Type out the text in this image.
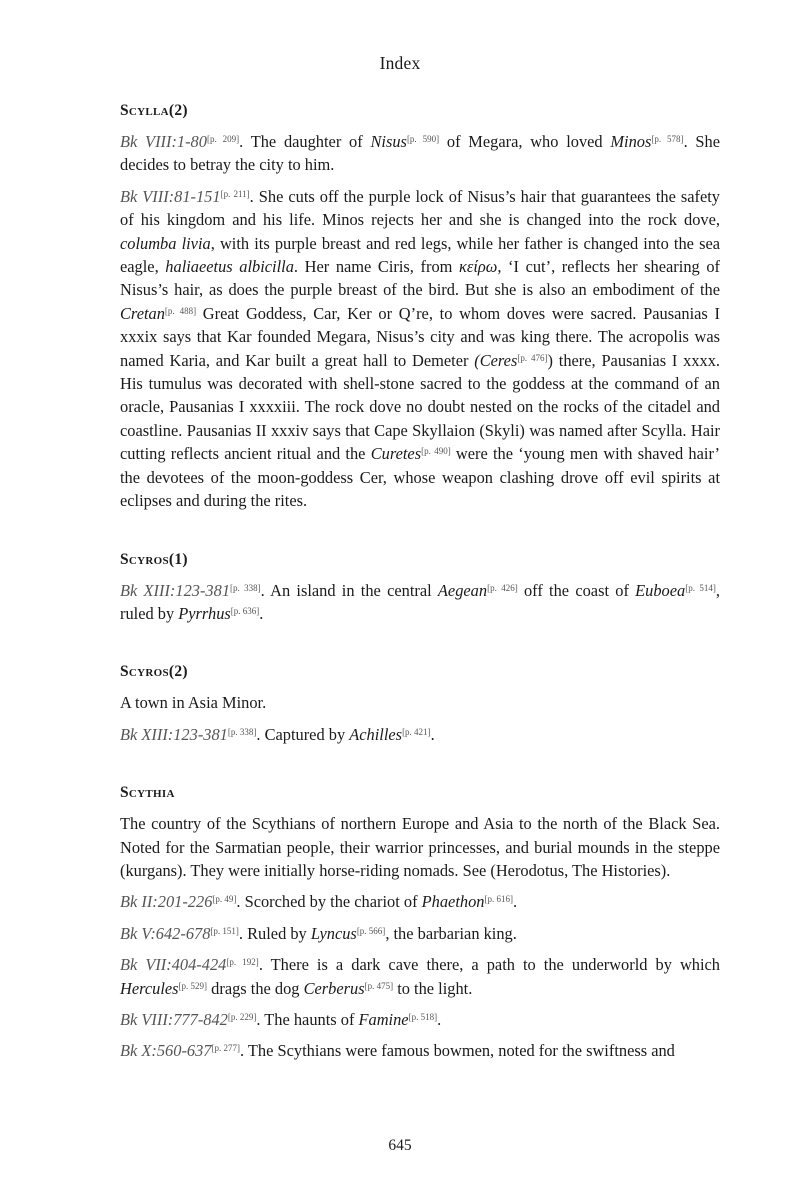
Index
Scylla(2)

Bk VIII:1-80[p. 209]. The daughter of Nisus[p. 590] of Megara, who loved Minos[p. 578]. She decides to betray the city to him.

Bk VIII:81-151[p. 211]. She cuts off the purple lock of Nisus’s hair that guarantees the safety of his kingdom and his life. Minos rejects her and she is changed into the rock dove, columba livia, with its purple breast and red legs, while her father is changed into the sea eagle, haliaeetus albicilla. Her name Ciris, from κείρω, ‘I cut’, reflects her shearing of Nisus’s hair, as does the purple breast of the bird. But she is also an embodiment of the Cretan[p. 488] Great Goddess, Car, Ker or Q’re, to whom doves were sacred. Pausanias I xxxix says that Kar founded Megara, Nisus’s city and was king there. The acropolis was named Karia, and Kar built a great hall to Demeter (Ceres[p. 476]) there, Pausanias I xxxx. His tumulus was decorated with shell-stone sacred to the goddess at the command of an oracle, Pausanias I xxxxiii. The rock dove no doubt nested on the rocks of the citadel and coastline. Pausanias II xxxiv says that Cape Skyllaion (Skyli) was named after Scylla. Hair cutting reflects ancient ritual and the Curetes[p. 490] were the ‘young men with shaved hair’ the devotees of the moon-goddess Cer, whose weapon clashing drove off evil spirits at eclipses and during the rites.

Scyros(1)

Bk XIII:123-381[p. 338]. An island in the central Aegean[p. 426] off the coast of Euboea[p. 514], ruled by Pyrrhus[p. 636].

Scyros(2)

A town in Asia Minor.

Bk XIII:123-381[p. 338]. Captured by Achilles[p. 421].

Scythia

The country of the Scythians of northern Europe and Asia to the north of the Black Sea. Noted for the Sarmatian people, their warrior princesses, and burial mounds in the steppe (kurgans). They were initially horse-riding nomads. See (Herodotus, The Histories).

Bk II:201-226[p. 49]. Scorched by the chariot of Phaethon[p. 616].

Bk V:642-678[p. 151]. Ruled by Lyncus[p. 566], the barbarian king.

Bk VII:404-424[p. 192]. There is a dark cave there, a path to the underworld by which Hercules[p. 529] drags the dog Cerberus[p. 475] to the light.

Bk VIII:777-842[p. 229]. The haunts of Famine[p. 518].

Bk X:560-637[p. 277]. The Scythians were famous bowmen, noted for the swiftness and

645
